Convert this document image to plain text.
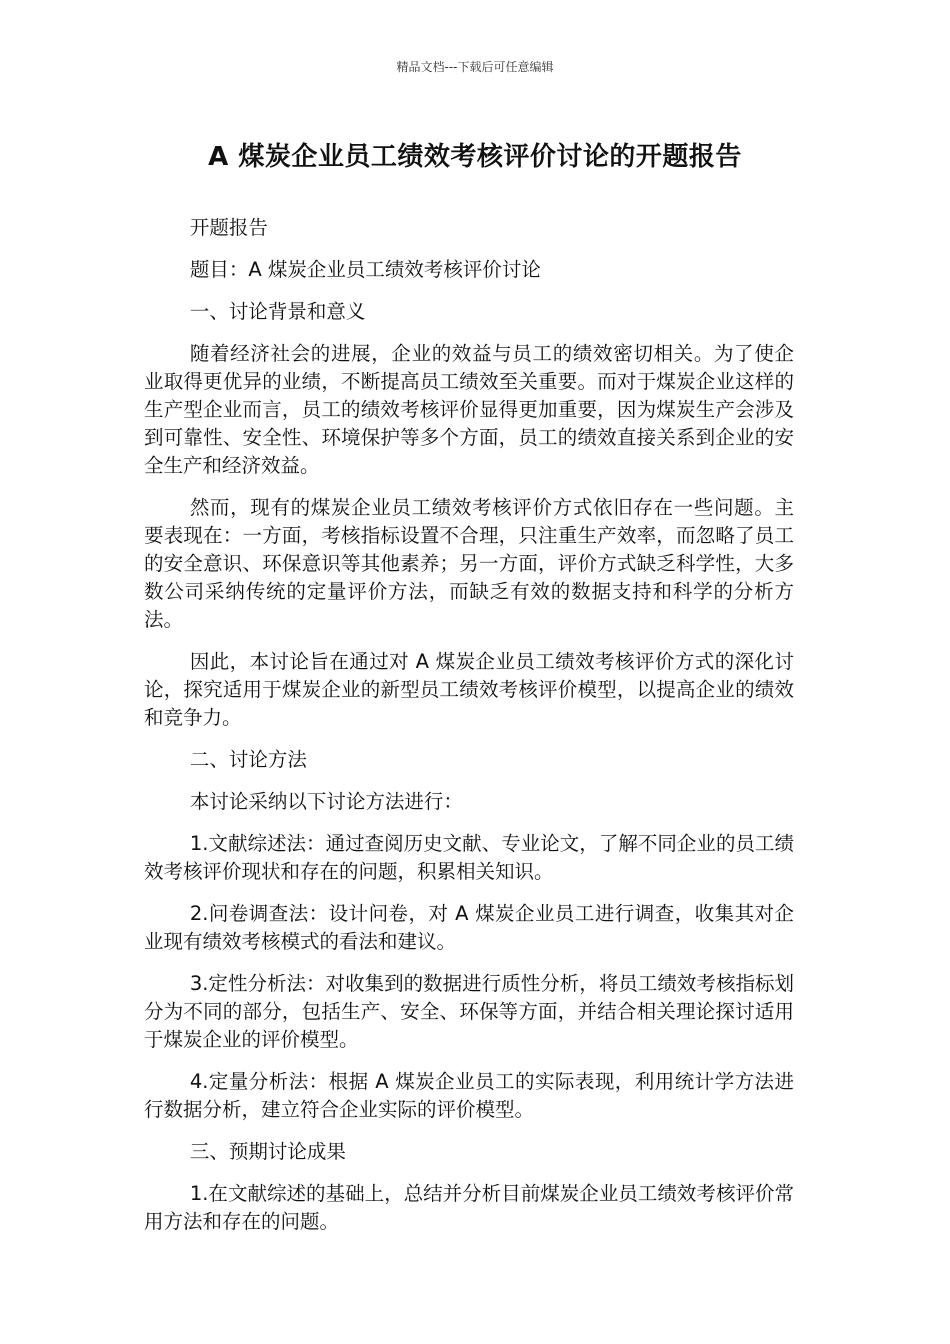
精品文档---下载后可任意编辑
A 煤炭企业员工绩效考核评价讨论的开题报告

开题报告

题目：A 煤炭企业员工绩效考核评价讨论

一、讨论背景和意义

随着经济社会的进展，企业的效益与员工的绩效密切相关。为了使企业取得更优异的业绩，不断提高员工绩效至关重要。而对于煤炭企业这样的生产型企业而言，员工的绩效考核评价显得更加重要，因为煤炭生产会涉及到可靠性、安全性、环境保护等多个方面，员工的绩效直接关系到企业的安全生产和经济效益。

然而，现有的煤炭企业员工绩效考核评价方式依旧存在一些问题。主要表现在：一方面，考核指标设置不合理，只注重生产效率，而忽略了员工的安全意识、环保意识等其他素养；另一方面，评价方式缺乏科学性，大多数公司采纳传统的定量评价方法，而缺乏有效的数据支持和科学的分析方法。

因此，本讨论旨在通过对 A 煤炭企业员工绩效考核评价方式的深化讨论，探究适用于煤炭企业的新型员工绩效考核评价模型，以提高企业的绩效和竞争力。

二、讨论方法

本讨论采纳以下讨论方法进行：

1.文献综述法：通过查阅历史文献、专业论文，了解不同企业的员工绩效考核评价现状和存在的问题，积累相关知识。

2.问卷调查法：设计问卷，对 A 煤炭企业员工进行调查，收集其对企业现有绩效考核模式的看法和建议。

3.定性分析法：对收集到的数据进行质性分析，将员工绩效考核指标划分为不同的部分，包括生产、安全、环保等方面，并结合相关理论探讨适用于煤炭企业的评价模型。

4.定量分析法：根据 A 煤炭企业员工的实际表现，利用统计学方法进行数据分析，建立符合企业实际的评价模型。

三、预期讨论成果

1.在文献综述的基础上，总结并分析目前煤炭企业员工绩效考核评价常用方法和存在的问题。
